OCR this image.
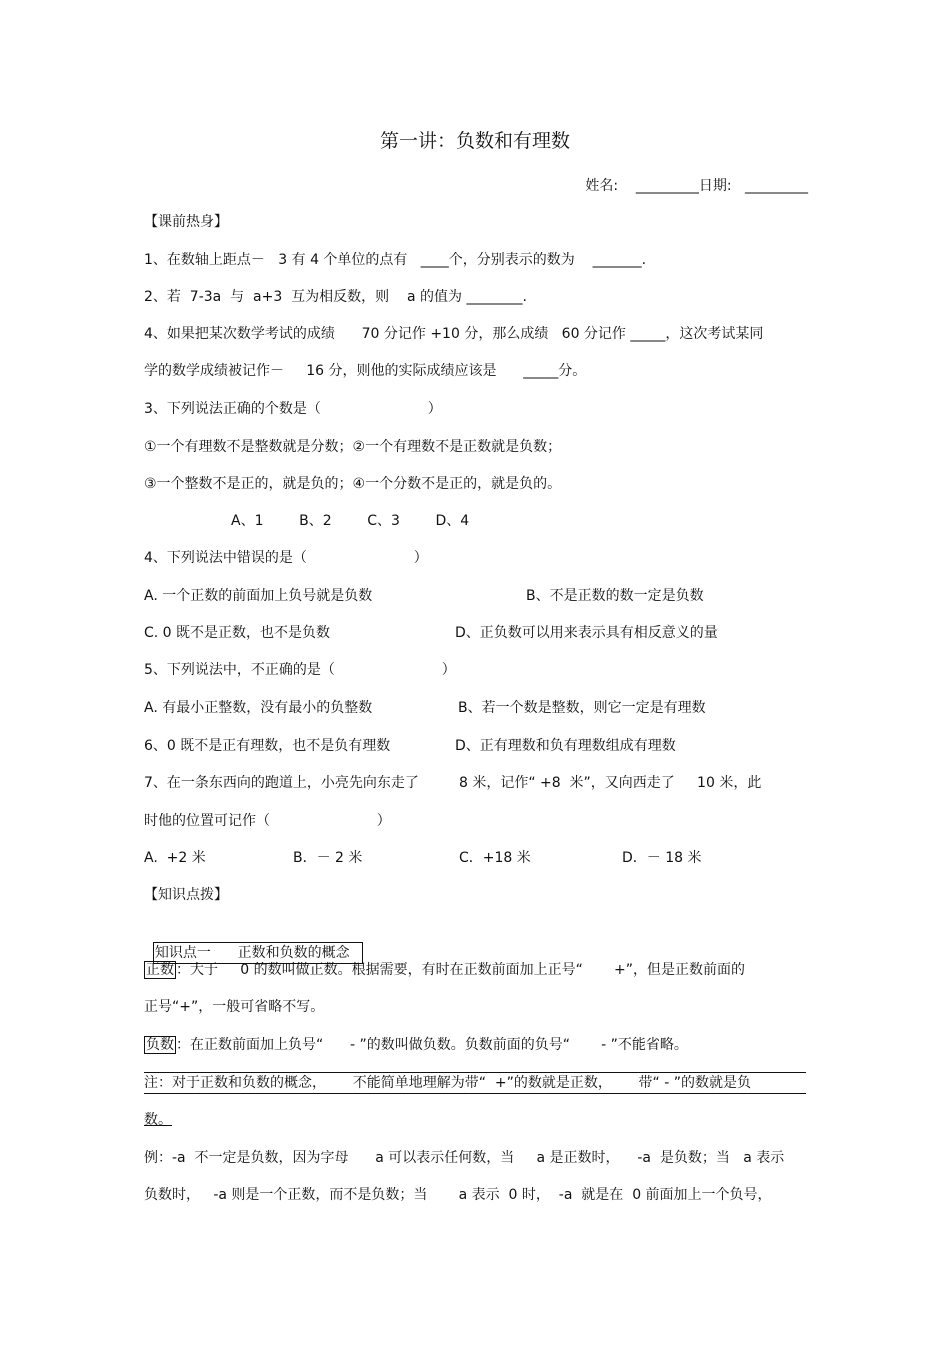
第一讲：负数和有理数
姓名:    _________日期:   _________
【课前热身】
1、在数轴上距点－   3 有 4 个单位的点有   ____个，分别表示的数为    _______.
2、若  7-3a  与  a+3  互为相反数，则    a 的值为 ________.
4、如果把某次数学考试的成绩      70 分记作 +10 分，那么成绩   60 分记作 _____，这次考试某同
学的数学成绩被记作－     16 分，则他的实际成绩应该是      _____分。
3、下列说法正确的个数是（                        ）
①一个有理数不是整数就是分数；②一个有理数不是正数就是负数；
③一个整数不是正的，就是负的；④一个分数不是正的，就是负的。
A、1        B、2        C、3        D、4
4、下列说法中错误的是（                        ）
A. 一个正数的前面加上负号就是负数	B、不是正数的数一定是负数
C. 0 既不是正数，也不是负数	D、正负数可以用来表示具有相反意义的量
5、下列说法中，不正确的是（                        ）
A. 有最小正整数，没有最小的负整数	B、若一个数是整数，则它一定是有理数
6、0 既不是正有理数，也不是负有理数	D、正有理数和负有理数组成有理数
7、在一条东西向的跑道上，小亮先向东走了         8 米，记作“ +8  米”，又向西走了     10 米，此
时他的位置可记作（                        ）
A.  +2 米	B．－ 2 米	C．+18 米	D．－ 18 米
【知识点拨】

知识点一      正数和负数的概念

正数 ：大于     0 的数叫做正数。根据需要，有时在正数前面加上正号“       +”，但是正数前面的
正号“+”，一般可省略不写。
负数 ：在正数前面加上负号“      - ”的数叫做负数。负数前面的负号“       - ”不能省略。
注：对于正数和负数的概念，      不能简单地理解为带“  +”的数就是正数，      带“ - ”的数就是负
数。
例：-a  不一定是负数，因为字母      a 可以表示任何数，当     a 是正数时，    -a  是负数；当   a 表示
负数时，   -a 则是一个正数，而不是负数；当       a 表示  0 时，  -a  就是在  0 前面加上一个负号，
